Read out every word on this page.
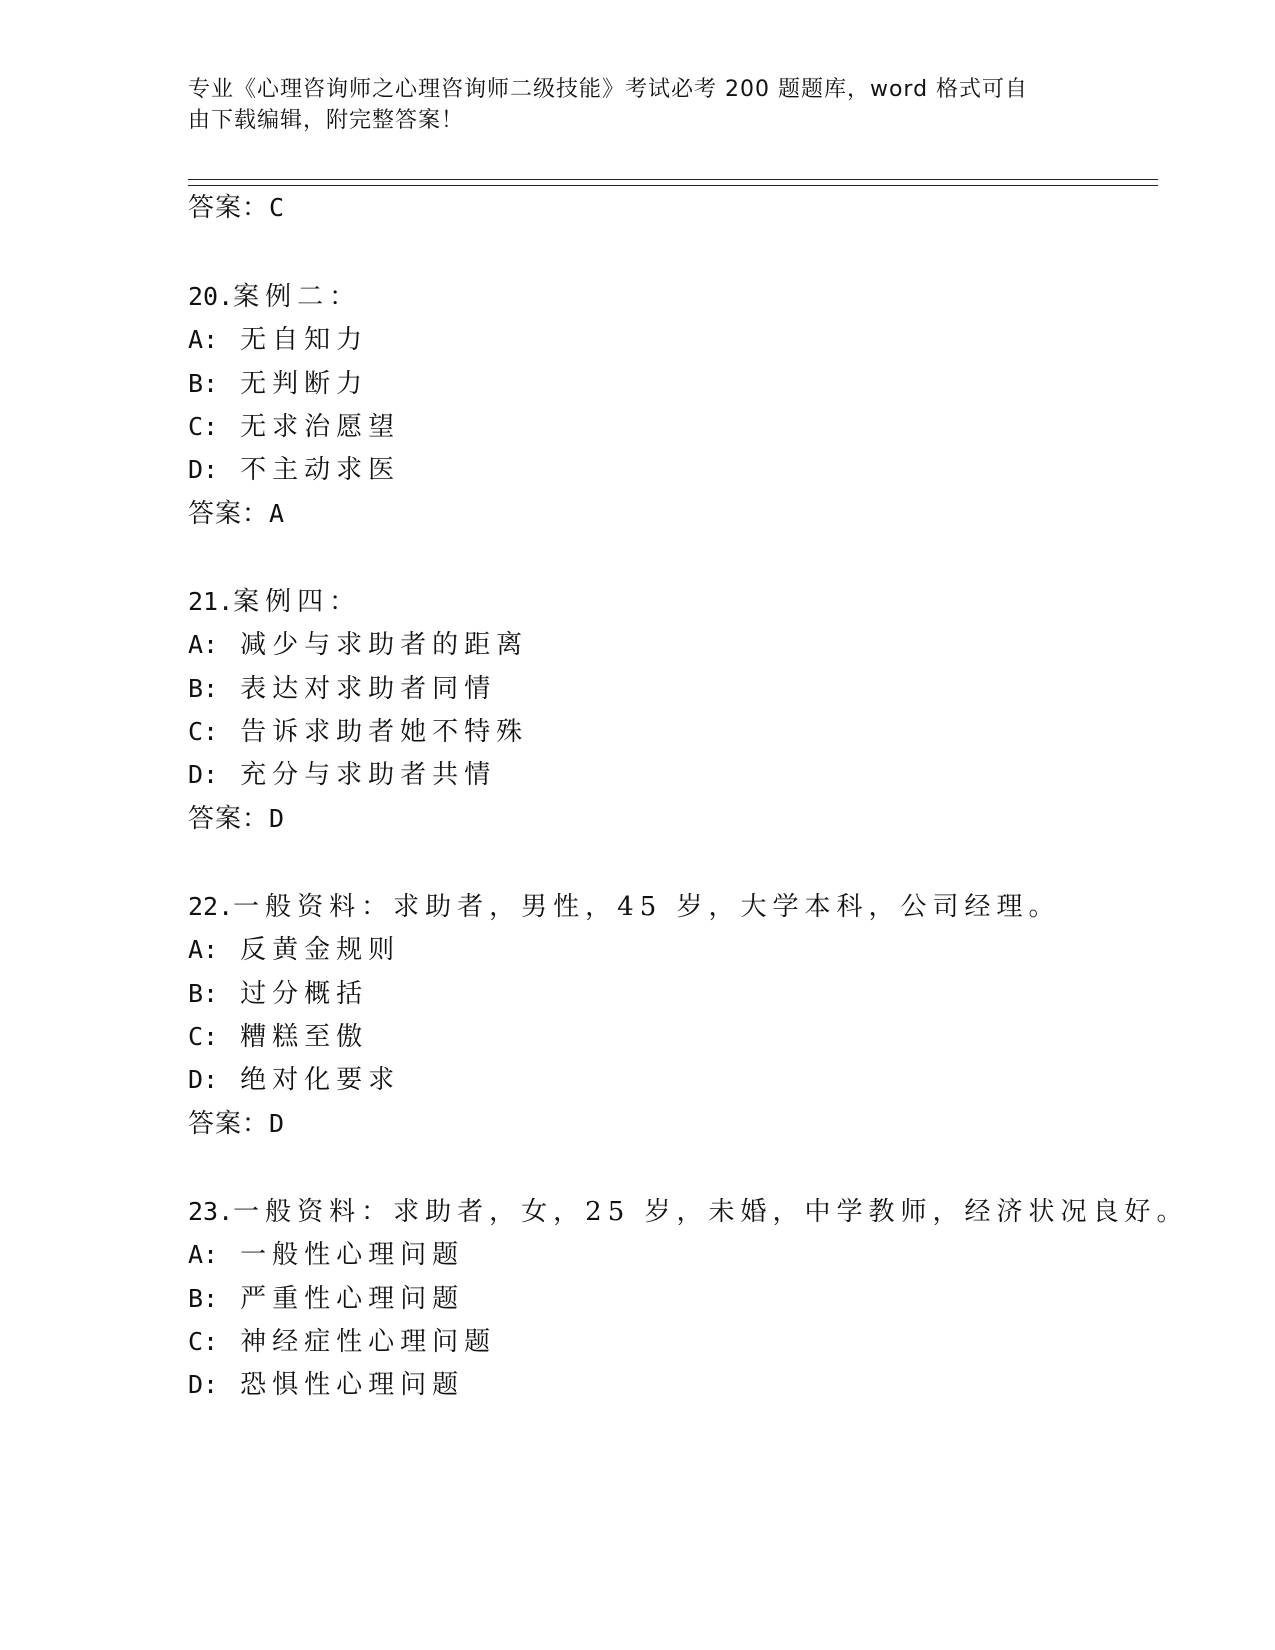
专业《心理咨询师之心理咨询师二级技能》考试必考 200 题题库，word 格式可自
由下载编辑，附完整答案！
答案：C
20.案例二：
A: 无自知力
B: 无判断力
C: 无求治愿望
D: 不主动求医
答案：A
21.案例四：
A: 减少与求助者的距离
B: 表达对求助者同情
C: 告诉求助者她不特殊
D: 充分与求助者共情
答案：D
22.一般资料：求助者，男性，45 岁，大学本科，公司经理。
A: 反黄金规则
B: 过分概括
C: 糟糕至傲
D: 绝对化要求
答案：D
23.一般资料：求助者，女，25 岁，未婚，中学教师，经济状况良好。
A: 一般性心理问题
B: 严重性心理问题
C: 神经症性心理问题
D: 恐惧性心理问题
